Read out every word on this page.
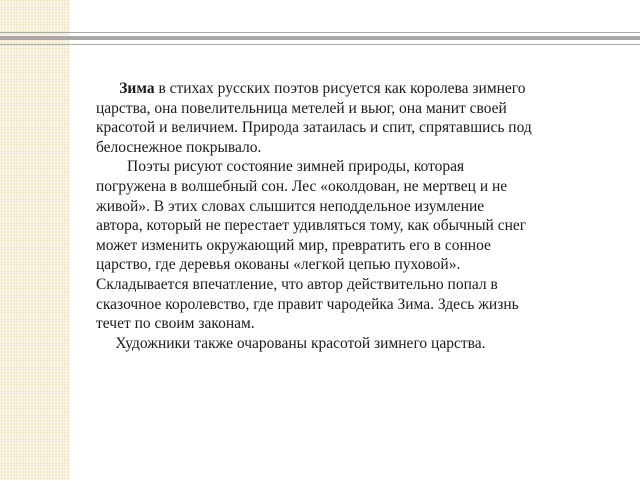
Зима в стихах русских поэтов рисуется как королева зимнего
царства, она повелительница метелей и вьюг, она манит своей
красотой и величием. Природа затаилась и спит, спрятавшись под
белоснежное покрывало.

Поэты рисуют состояние зимней природы, которая
погружена в волшебный сон. Лес «околдован, не мертвец и не
живой». В этих словах слышится неподдельное изумление
автора, который не перестает удивляться тому, как обычный снег
может изменить окружающий мир, превратить его в сонное
царство, где деревья окованы «легкой цепью пуховой».
Складывается впечатление, что автор действительно попал в
сказочное королевство, где правит чародейка Зима. Здесь жизнь
течет по своим законам.

Художники также очарованы красотой зимнего царства.
